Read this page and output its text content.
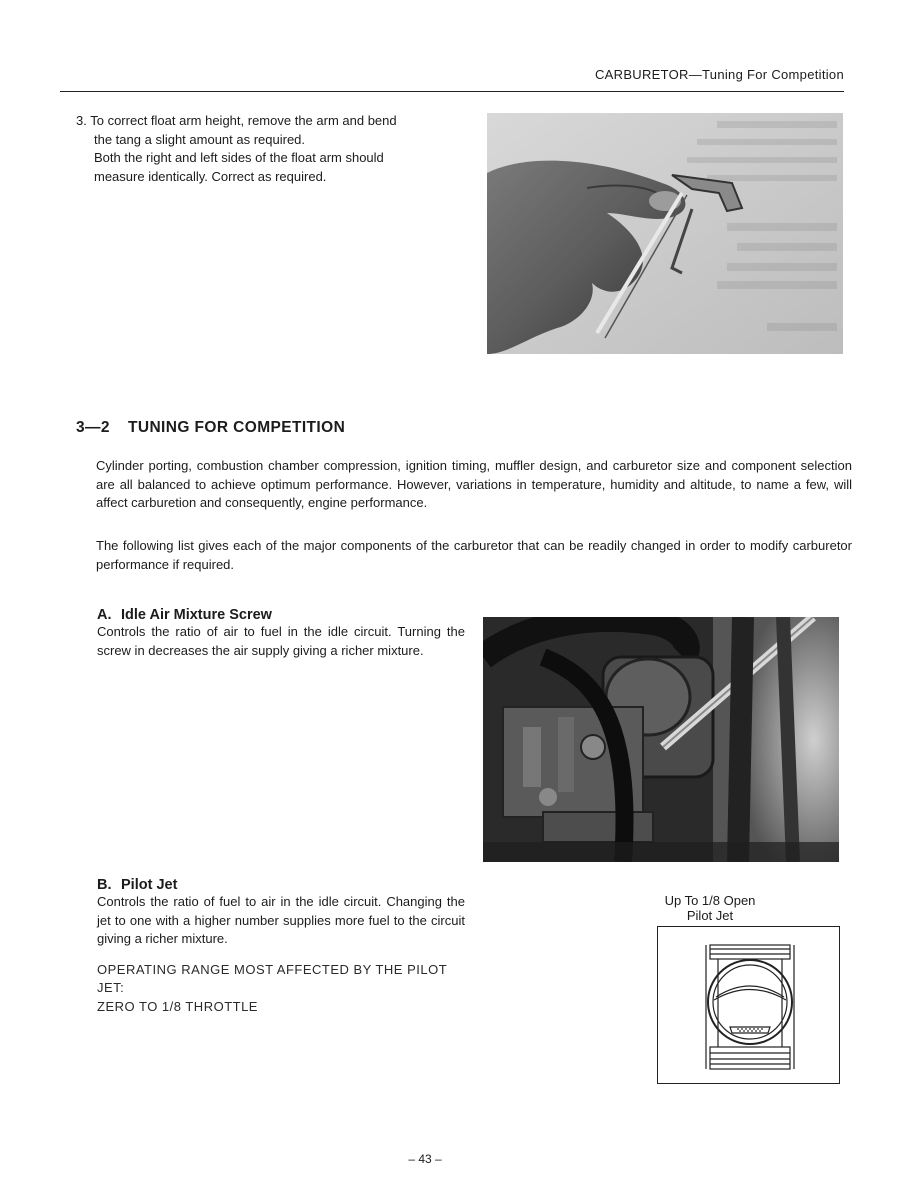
CARBURETOR—Tuning For Competition

3. To correct float arm height, remove the arm and bend

the tang a slight amount as required.

Both the right and left sides of the float arm should

measure identically. Correct as required.

3—2 TUNING FOR COMPETITION

Cylinder porting, combustion chamber compression, ignition timing, muffler design, and carburetor size and component selection are all balanced to achieve optimum performance. However, variations in temperature, humidity and altitude, to name a few, will affect carburetion and consequently, engine performance.

The following list gives each of the major components of the carburetor that can be readily changed in order to modify carburetor performance if required.

A. Idle Air Mixture Screw

Controls the ratio of air to fuel in the idle circuit. Turning the screw in decreases the air supply giving a richer mixture.

B. Pilot Jet

Controls the ratio of fuel to air in the idle circuit. Changing the jet to one with a higher number supplies more fuel to the circuit giving a richer mixture.

OPERATING RANGE MOST AFFECTED BY THE PILOT
JET:
ZERO TO 1/8 THROTTLE
Up To 1/8 Open
Pilot Jet
– 43 –
